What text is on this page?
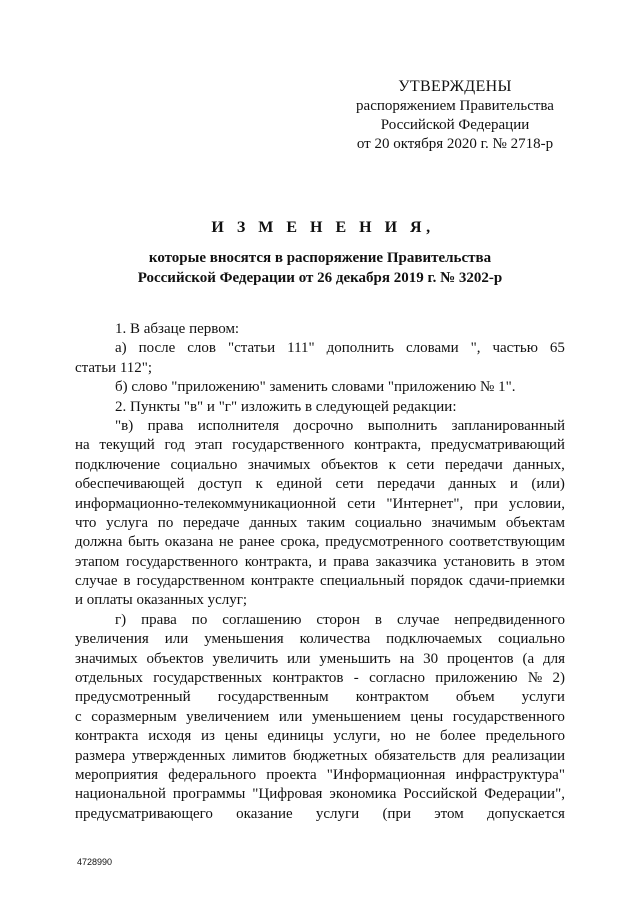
УТВЕРЖДЕНЫ
распоряжением Правительства
Российской Федерации
от 20 октября 2020 г. № 2718-р
И З М Е Н Е Н И Я,
которые вносятся в распоряжение Правительства
Российской Федерации от 26 декабря 2019 г. № 3202-р
1. В абзаце первом:
а) после слов "статьи 111" дополнить словами ", частью 65
статьи 112";
б) слово "приложению" заменить словами "приложению № 1".
2. Пункты "в" и "г" изложить в следующей редакции:
"в) права исполнителя досрочно выполнить запланированный
на текущий год этап государственного контракта, предусматривающий
подключение социально значимых объектов к сети передачи данных,
обеспечивающей доступ к единой сети передачи данных и (или)
информационно-телекоммуникационной сети "Интернет", при условии,
что услуга по передаче данных таким социально значимым объектам
должна быть оказана не ранее срока, предусмотренного соответствующим
этапом государственного контракта, и права заказчика установить в этом
случае в государственном контракте специальный порядок сдачи-приемки
и оплаты оказанных услуг;
г) права по соглашению сторон в случае непредвиденного
увеличения или уменьшения количества подключаемых социально
значимых объектов увеличить или уменьшить на 30 процентов (а для
отдельных государственных контрактов - согласно приложению № 2)
предусмотренный государственным контрактом объем услуги
с соразмерным увеличением или уменьшением цены государственного
контракта исходя из цены единицы услуги, но не более предельного
размера утвержденных лимитов бюджетных обязательств для реализации
мероприятия федерального проекта "Информационная инфраструктура"
национальной программы "Цифровая экономика Российской Федерации",
предусматривающего оказание услуги (при этом допускается
4728990
